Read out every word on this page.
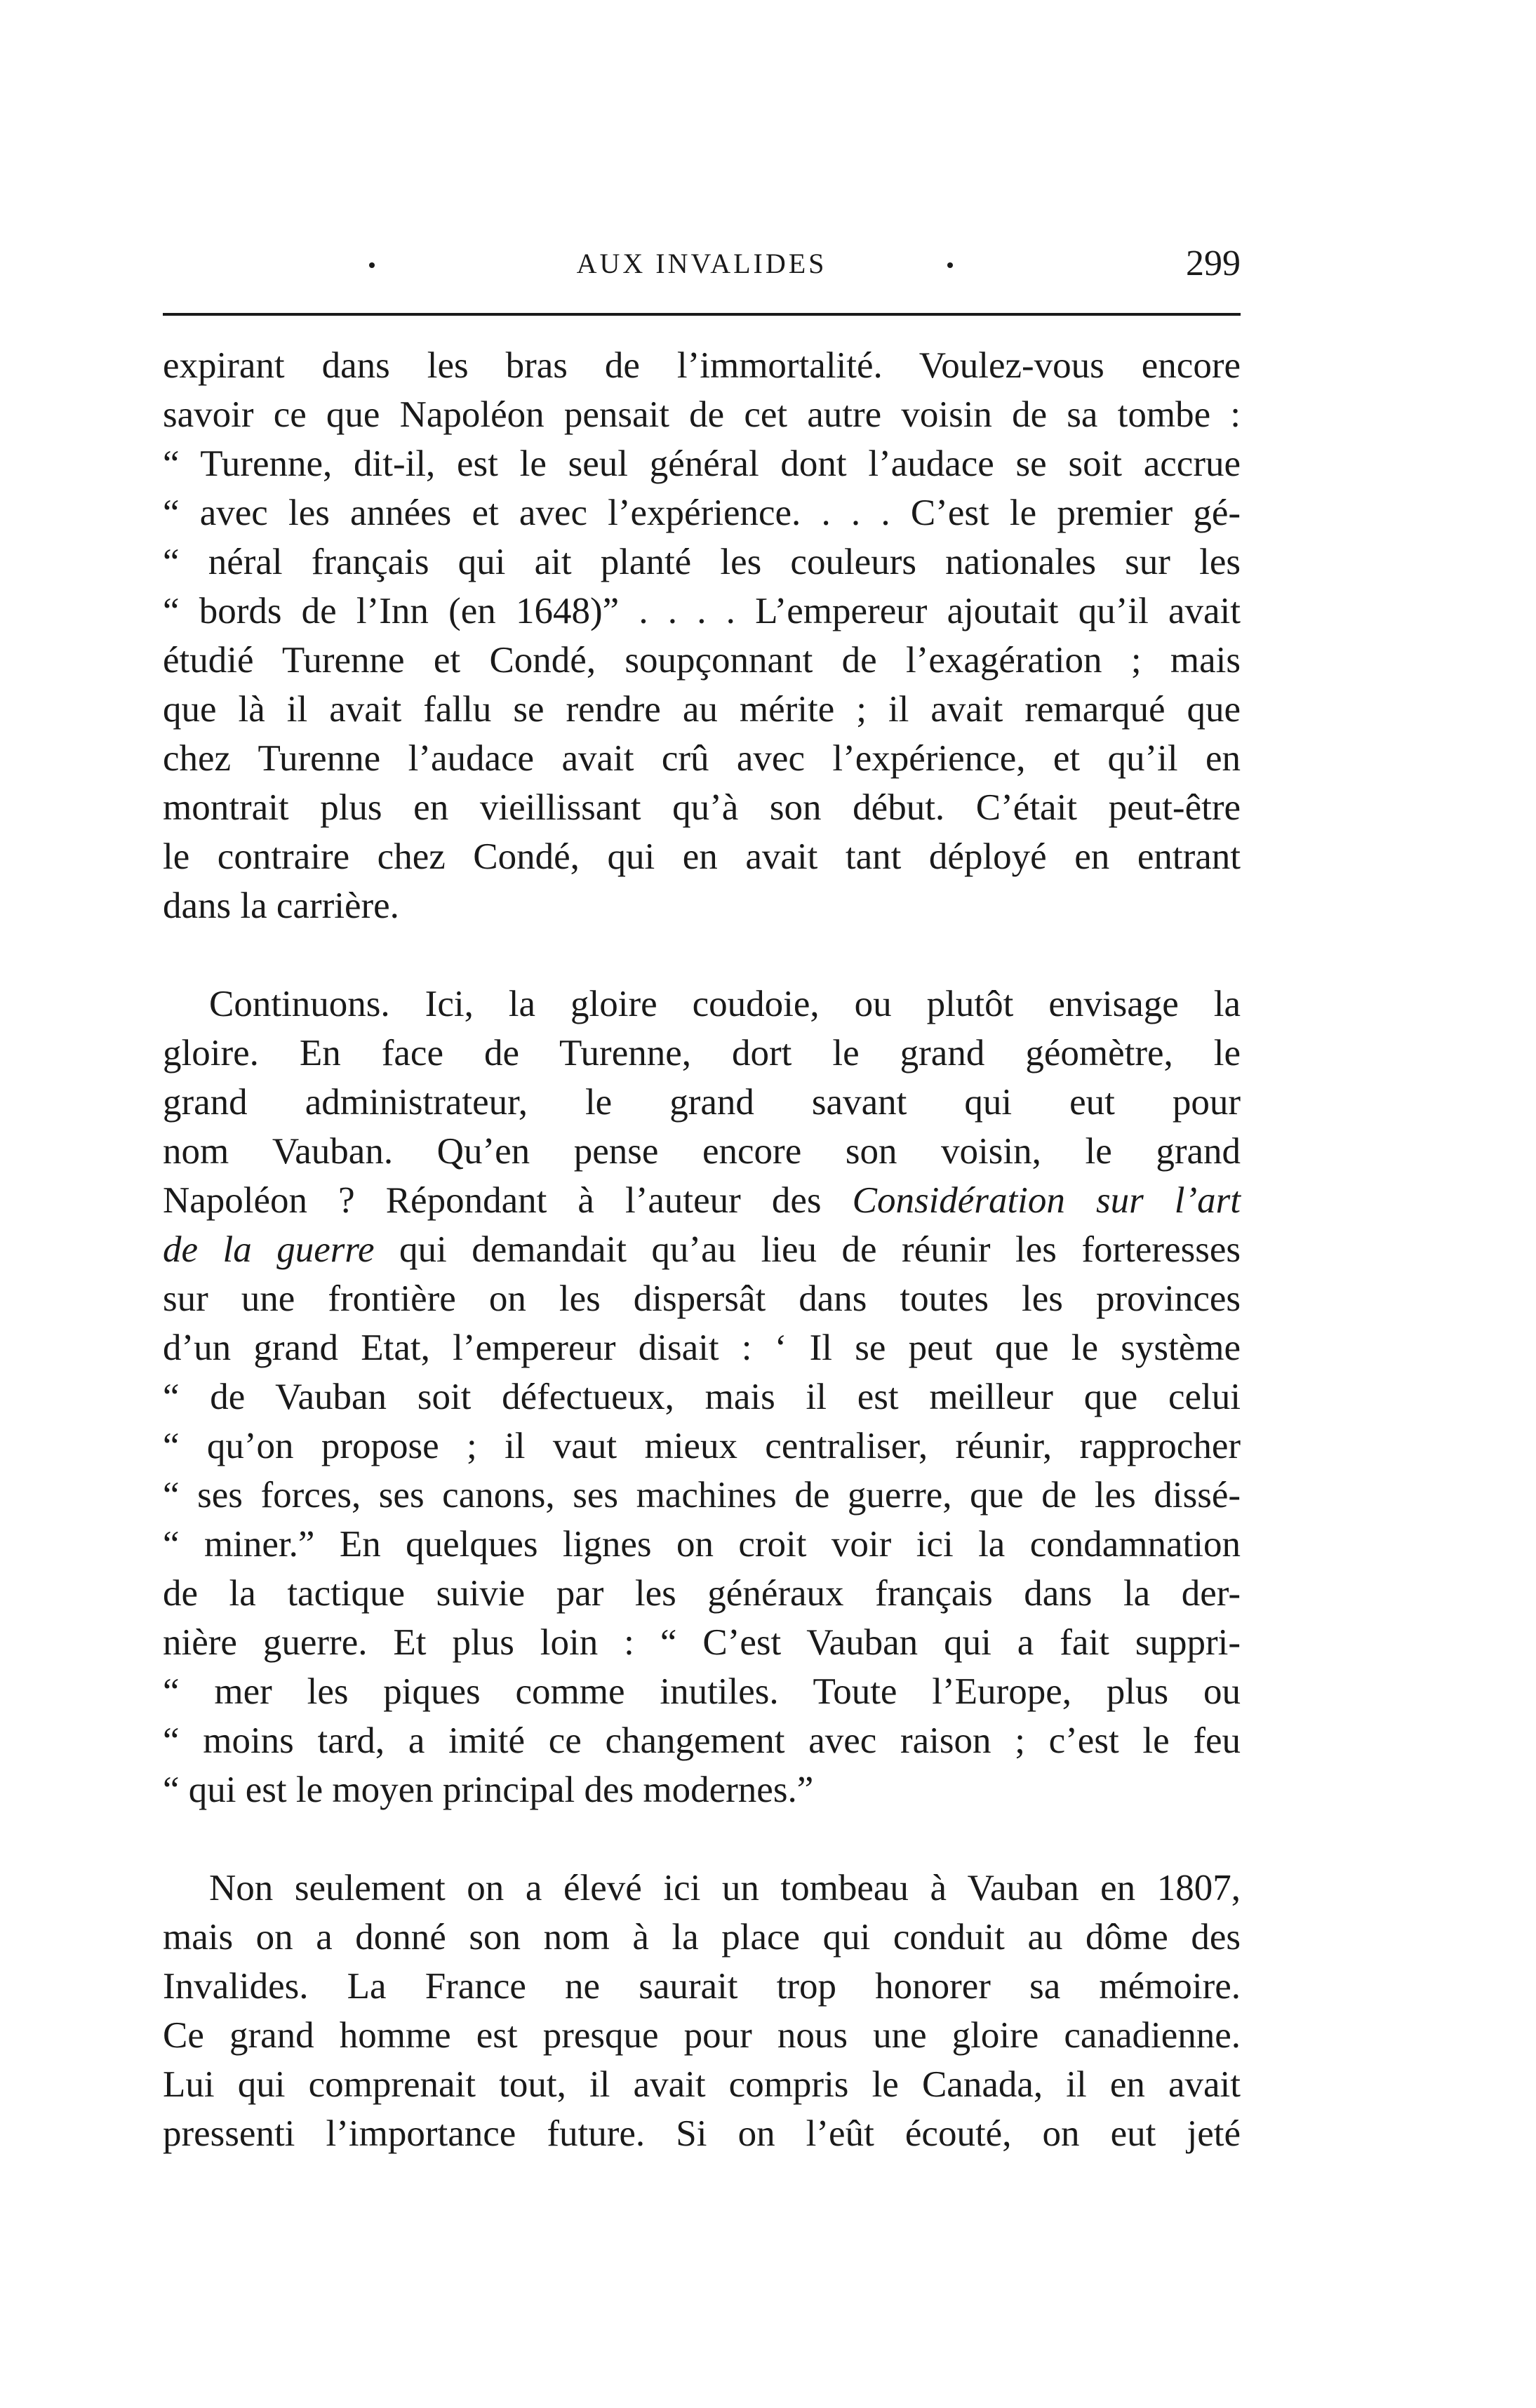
AUX INVALIDES	299
expirant dans les bras de l’immortalité. Voulez-vous encore
savoir ce que Napoléon pensait de cet autre voisin de sa tombe :
“ Turenne, dit-il, est le seul général dont l’audace se soit accrue
“ avec les années et avec l’expérience. . . . C’est le premier gé-
“ néral français qui ait planté les couleurs nationales sur les
“ bords de l’Inn (en 1648)” . . . . L’empereur ajoutait qu’il avait
étudié Turenne et Condé, soupçonnant de l’exagération ; mais
que là il avait fallu se rendre au mérite ; il avait remarqué que
chez Turenne l’audace avait crû avec l’expérience, et qu’il en
montrait plus en vieillissant qu’à son début. C’était peut-être
le contraire chez Condé, qui en avait tant déployé en entrant
dans la carrière.
Continuons. Ici, la gloire coudoie, ou plutôt envisage la
gloire. En face de Turenne, dort le grand géomètre, le
grand administrateur, le grand savant qui eut pour
nom Vauban. Qu’en pense encore son voisin, le grand
Napoléon ? Répondant à l’auteur des Considération sur l’art
de la guerre qui demandait qu’au lieu de réunir les forteresses
sur une frontière on les dispersât dans toutes les provinces
d’un grand Etat, l’empereur disait : ‘ Il se peut que le système
“ de Vauban soit défectueux, mais il est meilleur que celui
“ qu’on propose ; il vaut mieux centraliser, réunir, rapprocher
“ ses forces, ses canons, ses machines de guerre, que de les dissé-
“ miner.” En quelques lignes on croit voir ici la condamnation
de la tactique suivie par les généraux français dans la der-
nière guerre. Et plus loin : “ C’est Vauban qui a fait suppri-
“ mer les piques comme inutiles. Toute l’Europe, plus ou
“ moins tard, a imité ce changement avec raison ; c’est le feu
“ qui est le moyen principal des modernes.”
Non seulement on a élevé ici un tombeau à Vauban en 1807,
mais on a donné son nom à la place qui conduit au dôme des
Invalides. La France ne saurait trop honorer sa mémoire.
Ce grand homme est presque pour nous une gloire canadienne.
Lui qui comprenait tout, il avait compris le Canada, il en avait
pressenti l’importance future. Si on l’eût écouté, on eut jeté
